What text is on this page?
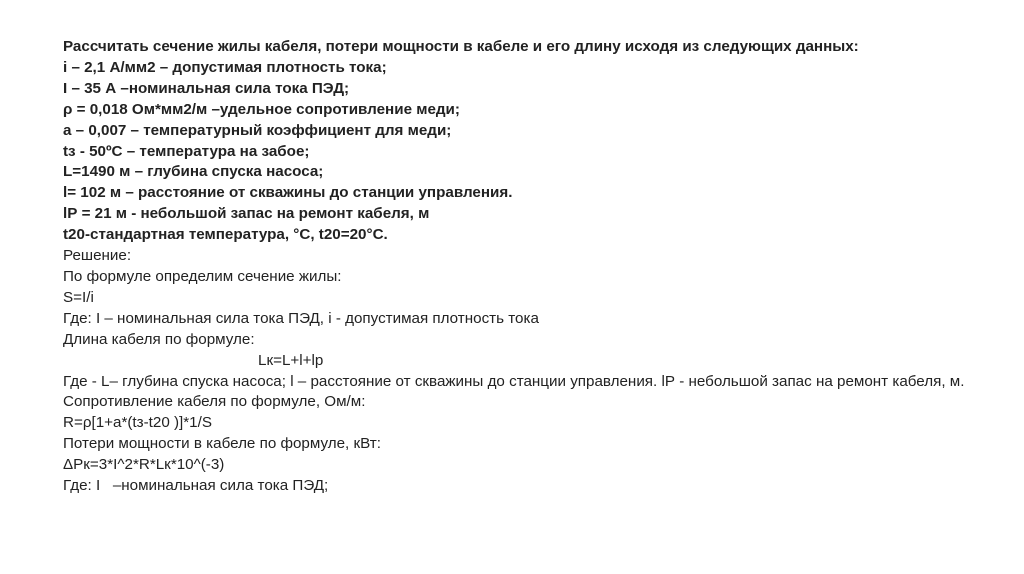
Рассчитать сечение жилы кабеля, потери мощности в кабеле и его длину исходя из следующих данных:
i – 2,1 А/мм2 – допустимая плотность тока;
I – 35 А –номинальная сила тока ПЭД;
ρ = 0,018 Ом*мм2/м –удельное сопротивление меди;
а – 0,007 – температурный коэффициент для меди;
tз - 50ºС – температура на забое;
L=1490 м – глубина спуска насоса;
l= 102 м – расстояние от скважины до станции управления.
lР = 21 м - небольшой запас на ремонт кабеля, м
t20-стандартная температура, °C, t20=20°C.
Решение:
По формуле определим сечение жилы:
S=I/i
Где: I – номинальная сила тока ПЭД, i - допустимая плотность тока
Длина кабеля по формуле:
Lк=L+l+lр
Где - L– глубина спуска насоса; l – расстояние от скважины до станции управления. lР - небольшой запас на ремонт кабеля, м.
Сопротивление кабеля по формуле, Ом/м:
R=ρ[1+a*(tз-t20 )]*1/S
Потери мощности в кабеле по формуле, кВт:
ΔPк=3*I^2*R*Lк*10^(-3)
Где: I   –номинальная сила тока ПЭД;
